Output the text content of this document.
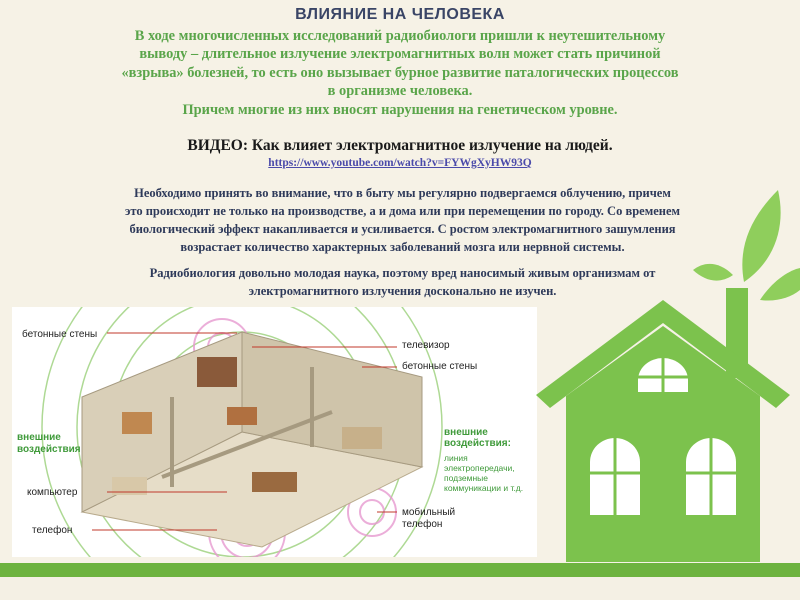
ВЛИЯНИЕ НА ЧЕЛОВЕКА

В ходе многочисленных исследований радиобиологи пришли к неутешительному

выводу – длительное излучение электромагнитных волн может стать причиной

«взрыва» болезней, то есть оно вызывает бурное развитие паталогических процессов

в организме человека.

Причем многие из них вносят нарушения на генетическом уровне.

ВИДЕО: Как влияет электромагнитное излучение на людей.
https://www.youtube.com/watch?v=FYWgXyHW93Q
Необходимо принять во внимание, что в быту мы регулярно подвергаемся облучению, причем
это происходит не только на производстве, а и дома или при перемещении по городу. Со временем
биологический эффект накапливается и усиливается. С ростом электромагнитного зашумления
возрастает количество характерных заболеваний мозга или нервной системы.
Радиобиология довольно молодая наука, поэтому вред наносимый живым организмам от
электромагнитного излучения досконально не изучен.
бетонные стены
внешние
воздействия
компьютер
телефон
телевизор
бетонные стены
внешние
воздействия:
линия
электропередачи,
подземные
коммуникации и т.д.
мобильный
телефон
